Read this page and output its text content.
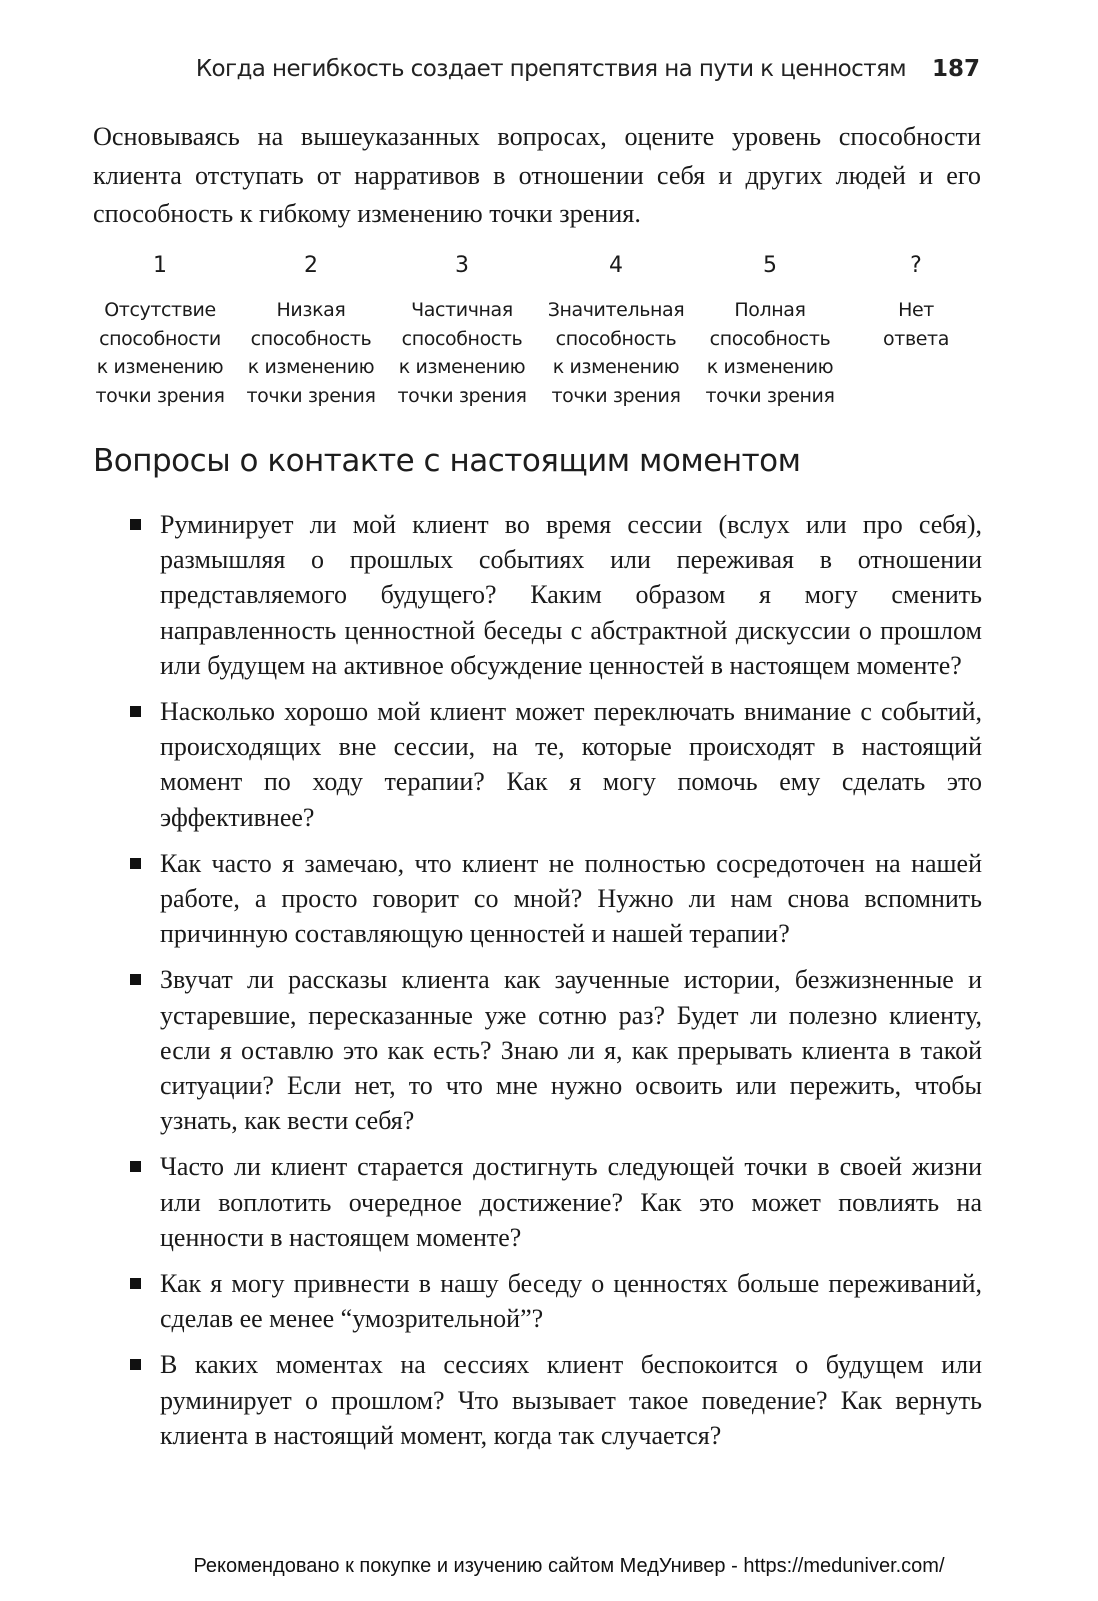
Когда негибкость создает препятствия на пути к ценностям 187

Основываясь на вышеуказанных вопросах, оцените уровень способности клиента отступать от нарративов в отношении себя и других людей и его способность к гибкому изменению точки зрения.

1
Отсутствие
способности
к изменению
точки зрения
2
Низкая
способность
к изменению
точки зрения
3
Частичная
способность
к изменению
точки зрения
4
Значительная
способность
к изменению
точки зрения
5
Полная
способность
к изменению
точки зрения
?
Нет
ответа
Вопросы о контакте с настоящим моментом
Руминирует ли мой клиент во время сессии (вслух или про себя), размышляя о прошлых событиях или переживая в отношении представляемого будущего? Каким образом я могу сменить направленность ценностной беседы с абстрактной дискуссии о прошлом или будущем на активное обсуждение ценностей в настоящем моменте?
Насколько хорошо мой клиент может переключать внимание с событий, происходящих вне сессии, на те, которые происходят в настоящий момент по ходу терапии? Как я могу помочь ему сделать это эффективнее?
Как часто я замечаю, что клиент не полностью сосредоточен на нашей работе, а просто говорит со мной? Нужно ли нам снова вспомнить причинную составляющую ценностей и нашей терапии?
Звучат ли рассказы клиента как заученные истории, безжизненные и устаревшие, пересказанные уже сотню раз? Будет ли полезно клиенту, если я оставлю это как есть? Знаю ли я, как прерывать клиента в такой ситуации? Если нет, то что мне нужно освоить или пережить, чтобы узнать, как вести себя?
Часто ли клиент старается достигнуть следующей точки в своей жизни или воплотить очередное достижение? Как это может повлиять на ценности в настоящем моменте?
Как я могу привнести в нашу беседу о ценностях больше переживаний, сделав ее менее “умозрительной”?
В каких моментах на сессиях клиент беспокоится о будущем или руминирует о прошлом? Что вызывает такое поведение? Как вернуть клиента в настоящий момент, когда так случается?
Рекомендовано к покупке и изучению сайтом МедУнивер - https://meduniver.com/
